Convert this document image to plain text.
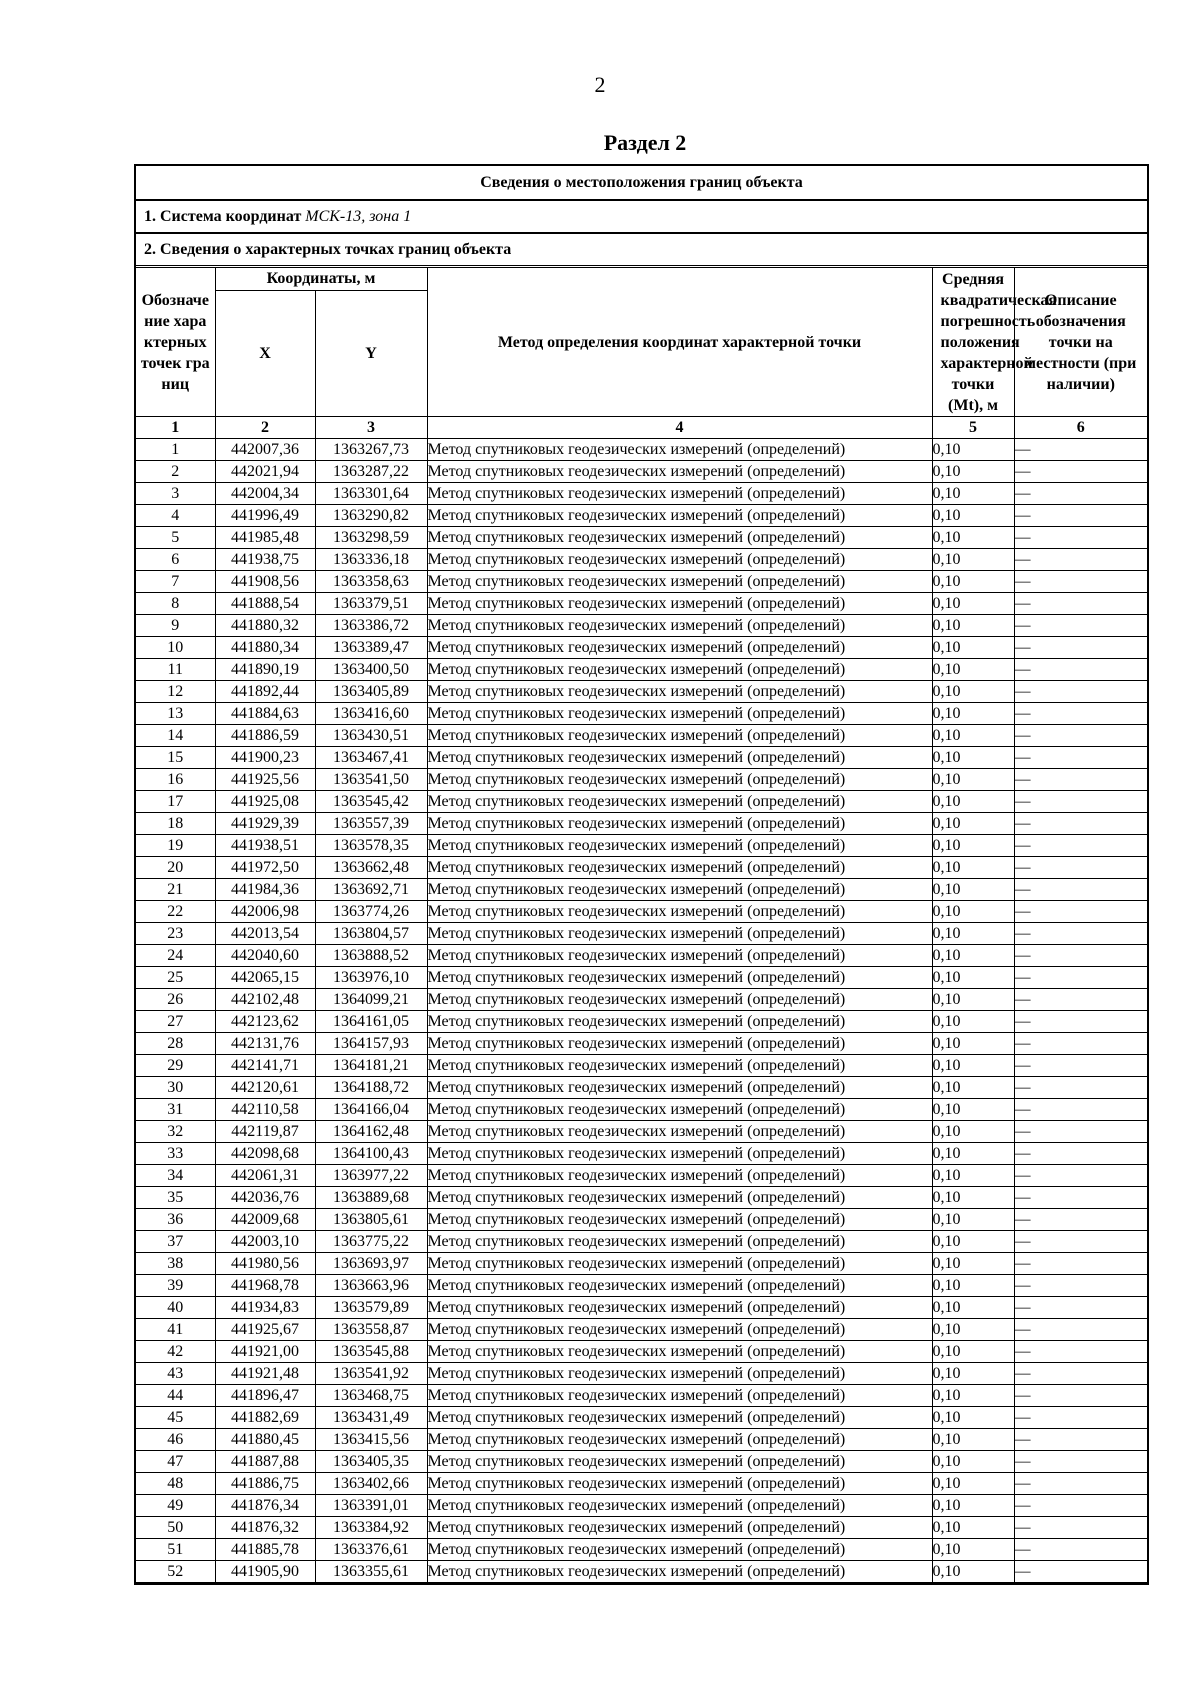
2
Раздел 2
Сведения о местоположения границ объекта
1. Система координат МСК-13, зона 1
2. Сведения о характерных точках границ объекта
Обозначение характерных точек границ	Координаты, м		Метод определения координат характерной точки	Средняя квадратическая погрешность положения характерной точки (Mt), м	Описание обозначения точки на местности (при наличии)
	X	Y			
1	2	3	4	5	6
1	442007,36	1363267,73	Метод спутниковых геодезических измерений (определений)	0,10	—
2	442021,94	1363287,22	Метод спутниковых геодезических измерений (определений)	0,10	—
3	442004,34	1363301,64	Метод спутниковых геодезических измерений (определений)	0,10	—
4	441996,49	1363290,82	Метод спутниковых геодезических измерений (определений)	0,10	—
5	441985,48	1363298,59	Метод спутниковых геодезических измерений (определений)	0,10	—
6	441938,75	1363336,18	Метод спутниковых геодезических измерений (определений)	0,10	—
7	441908,56	1363358,63	Метод спутниковых геодезических измерений (определений)	0,10	—
8	441888,54	1363379,51	Метод спутниковых геодезических измерений (определений)	0,10	—
9	441880,32	1363386,72	Метод спутниковых геодезических измерений (определений)	0,10	—
10	441880,34	1363389,47	Метод спутниковых геодезических измерений (определений)	0,10	—
11	441890,19	1363400,50	Метод спутниковых геодезических измерений (определений)	0,10	—
12	441892,44	1363405,89	Метод спутниковых геодезических измерений (определений)	0,10	—
13	441884,63	1363416,60	Метод спутниковых геодезических измерений (определений)	0,10	—
14	441886,59	1363430,51	Метод спутниковых геодезических измерений (определений)	0,10	—
15	441900,23	1363467,41	Метод спутниковых геодезических измерений (определений)	0,10	—
16	441925,56	1363541,50	Метод спутниковых геодезических измерений (определений)	0,10	—
17	441925,08	1363545,42	Метод спутниковых геодезических измерений (определений)	0,10	—
18	441929,39	1363557,39	Метод спутниковых геодезических измерений (определений)	0,10	—
19	441938,51	1363578,35	Метод спутниковых геодезических измерений (определений)	0,10	—
20	441972,50	1363662,48	Метод спутниковых геодезических измерений (определений)	0,10	—
21	441984,36	1363692,71	Метод спутниковых геодезических измерений (определений)	0,10	—
22	442006,98	1363774,26	Метод спутниковых геодезических измерений (определений)	0,10	—
23	442013,54	1363804,57	Метод спутниковых геодезических измерений (определений)	0,10	—
24	442040,60	1363888,52	Метод спутниковых геодезических измерений (определений)	0,10	—
25	442065,15	1363976,10	Метод спутниковых геодезических измерений (определений)	0,10	—
26	442102,48	1364099,21	Метод спутниковых геодезических измерений (определений)	0,10	—
27	442123,62	1364161,05	Метод спутниковых геодезических измерений (определений)	0,10	—
28	442131,76	1364157,93	Метод спутниковых геодезических измерений (определений)	0,10	—
29	442141,71	1364181,21	Метод спутниковых геодезических измерений (определений)	0,10	—
30	442120,61	1364188,72	Метод спутниковых геодезических измерений (определений)	0,10	—
31	442110,58	1364166,04	Метод спутниковых геодезических измерений (определений)	0,10	—
32	442119,87	1364162,48	Метод спутниковых геодезических измерений (определений)	0,10	—
33	442098,68	1364100,43	Метод спутниковых геодезических измерений (определений)	0,10	—
34	442061,31	1363977,22	Метод спутниковых геодезических измерений (определений)	0,10	—
35	442036,76	1363889,68	Метод спутниковых геодезических измерений (определений)	0,10	—
36	442009,68	1363805,61	Метод спутниковых геодезических измерений (определений)	0,10	—
37	442003,10	1363775,22	Метод спутниковых геодезических измерений (определений)	0,10	—
38	441980,56	1363693,97	Метод спутниковых геодезических измерений (определений)	0,10	—
39	441968,78	1363663,96	Метод спутниковых геодезических измерений (определений)	0,10	—
40	441934,83	1363579,89	Метод спутниковых геодезических измерений (определений)	0,10	—
41	441925,67	1363558,87	Метод спутниковых геодезических измерений (определений)	0,10	—
42	441921,00	1363545,88	Метод спутниковых геодезических измерений (определений)	0,10	—
43	441921,48	1363541,92	Метод спутниковых геодезических измерений (определений)	0,10	—
44	441896,47	1363468,75	Метод спутниковых геодезических измерений (определений)	0,10	—
45	441882,69	1363431,49	Метод спутниковых геодезических измерений (определений)	0,10	—
46	441880,45	1363415,56	Метод спутниковых геодезических измерений (определений)	0,10	—
47	441887,88	1363405,35	Метод спутниковых геодезических измерений (определений)	0,10	—
48	441886,75	1363402,66	Метод спутниковых геодезических измерений (определений)	0,10	—
49	441876,34	1363391,01	Метод спутниковых геодезических измерений (определений)	0,10	—
50	441876,32	1363384,92	Метод спутниковых геодезических измерений (определений)	0,10	—
51	441885,78	1363376,61	Метод спутниковых геодезических измерений (определений)	0,10	—
52	441905,90	1363355,61	Метод спутниковых геодезических измерений (определений)	0,10	—
